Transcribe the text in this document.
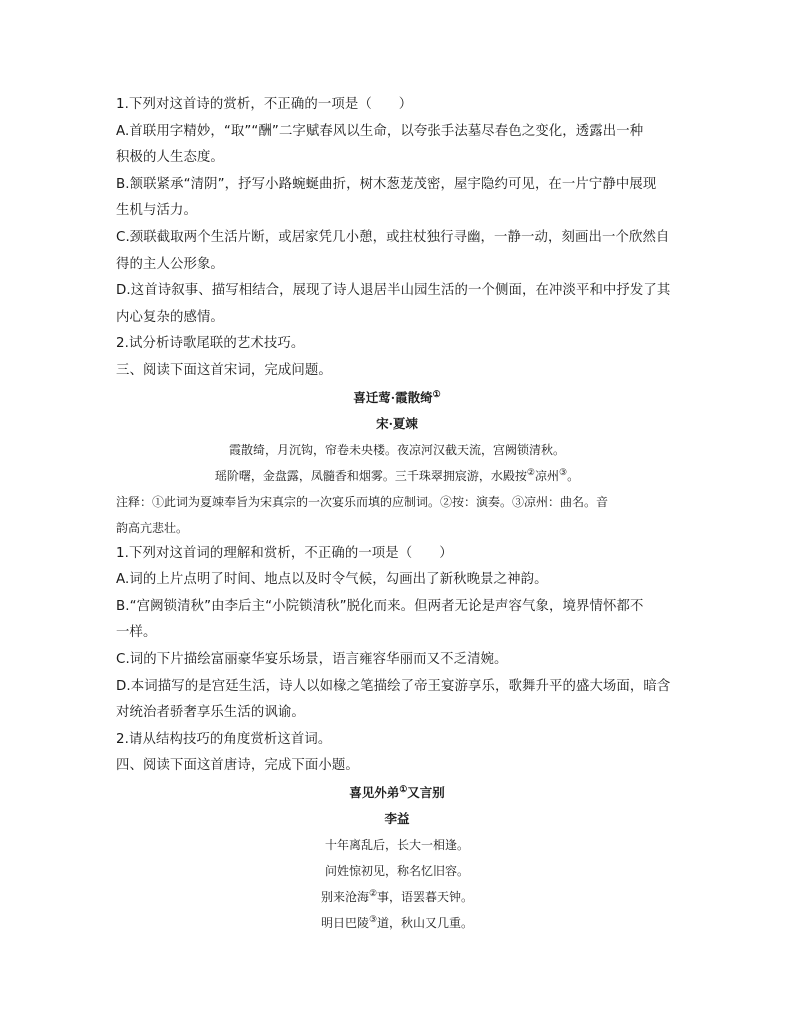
1.下列对这首诗的赏析，不正确的一项是（　　）
A.首联用字精妙，“取”“酬”二字赋春风以生命，以夸张手法墓尽春色之变化，透露出一种
积极的人生态度。
B.颔联紧承“清阴”，抒写小路蜿蜒曲折，树木葱茏茂密，屋宇隐约可见，在一片宁静中展现
生机与活力。
C.颈联截取两个生活片断，或居家凭几小憩，或拄杖独行寻幽，一静一动，刻画出一个欣然自
得的主人公形象。
D.这首诗叙事、描写相结合，展现了诗人退居半山园生活的一个侧面，在冲淡平和中抒发了其
内心复杂的感情。
2.试分析诗歌尾联的艺术技巧。
三、阅读下面这首宋词，完成问题。
喜迁莺·霞散绮①
宋·夏竦
霞散绮，月沉钩，帘卷未央楼。夜凉河汉截天流，宫阙锁清秋。
瑶阶曙，金盘露，凤髓香和烟雾。三千珠翠拥宸游，水殿按②凉州③。
注释：①此词为夏竦奉旨为宋真宗的一次宴乐而填的应制词。②按：演奏。③凉州：曲名。音
韵高亢悲壮。
1.下列对这首词的理解和赏析，不正确的一项是（　　）
A.词的上片点明了时间、地点以及时令气候，勾画出了新秋晚景之神韵。
B.“宫阙锁清秋”由李后主“小院锁清秋”脱化而来。但两者无论是声容气象，境界情怀都不
一样。
C.词的下片描绘富丽豪华宴乐场景，语言雍容华丽而又不乏清婉。
D.本词描写的是宫廷生活，诗人以如椽之笔描绘了帝王宴游享乐，歌舞升平的盛大场面，暗含
对统治者骄奢享乐生活的讽谕。
2.请从结构技巧的角度赏析这首词。
四、阅读下面这首唐诗，完成下面小题。
喜见外弟①又言别
李益
十年离乱后，长大一相逢。
问姓惊初见，称名忆旧容。
别来沧海②事，语罢暮天钟。
明日巴陵③道，秋山又几重。
